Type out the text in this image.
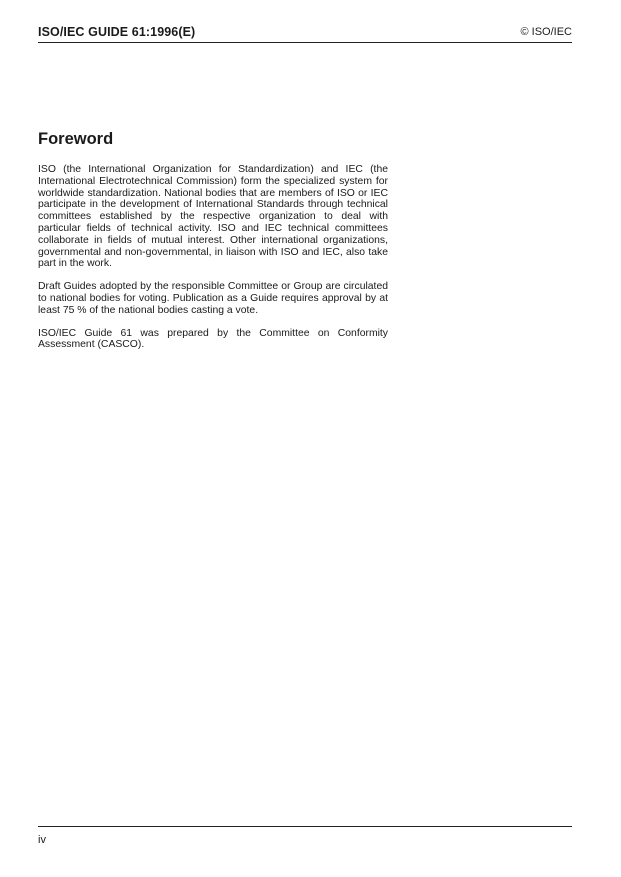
ISO/IEC GUIDE 61:1996(E)	© ISO/IEC
Foreword

ISO (the International Organization for Standardization) and IEC (the International Electrotechnical Commission) form the specialized system for worldwide standardization. National bodies that are members of ISO or IEC participate in the development of International Standards through technical committees established by the respective organization to deal with particular fields of technical activity. ISO and IEC technical committees collaborate in fields of mutual interest. Other international organizations, governmental and non-governmental, in liaison with ISO and IEC, also take part in the work.

Draft Guides adopted by the responsible Committee or Group are circulated to national bodies for voting. Publication as a Guide requires approval by at least 75 % of the national bodies casting a vote.

ISO/IEC Guide 61 was prepared by the Committee on Conformity Assessment (CASCO).

iv
